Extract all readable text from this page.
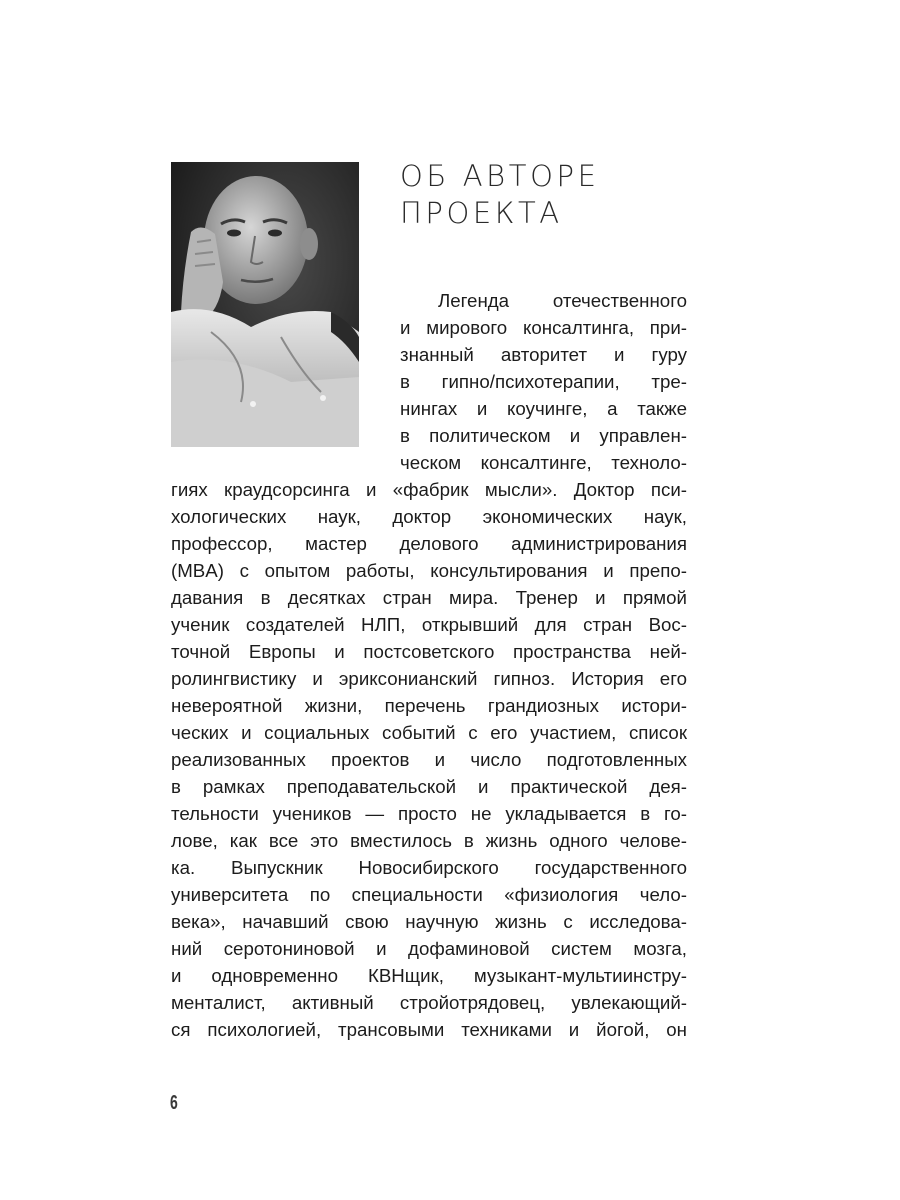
ОБ АВТОРЕ
ПРОЕКТА
Легенда отечественного
и мирового консалтинга, при-
знанный авторитет и гуру
в гипно/психотерапии, тре-
нингах и коучинге, а также
в политическом и управлен-
ческом консалтинге, техноло-
гиях краудсорсинга и «фабрик мысли». Доктор пси-
хологических наук, доктор экономических наук,
профессор, мастер делового администрирования
(MBA) с опытом работы, консультирования и препо-
давания в десятках стран мира. Тренер и прямой
ученик создателей НЛП, открывший для стран Вос-
точной Европы и постсоветского пространства ней-
ролингвистику и эриксонианский гипноз. История его
невероятной жизни, перечень грандиозных истори-
ческих и социальных событий с его участием, список
реализованных проектов и число подготовленных
в рамках преподавательской и практической дея-
тельности учеников — просто не укладывается в го-
лове, как все это вместилось в жизнь одного челове-
ка. Выпускник Новосибирского государственного
университета по специальности «физиология чело-
века», начавший свою научную жизнь с исследова-
ний серотониновой и дофаминовой систем мозга,
и одновременно КВНщик, музыкант-мультиинстру-
менталист, активный стройотрядовец, увлекающий-
ся психологией, трансовыми техниками и йогой, он
6
